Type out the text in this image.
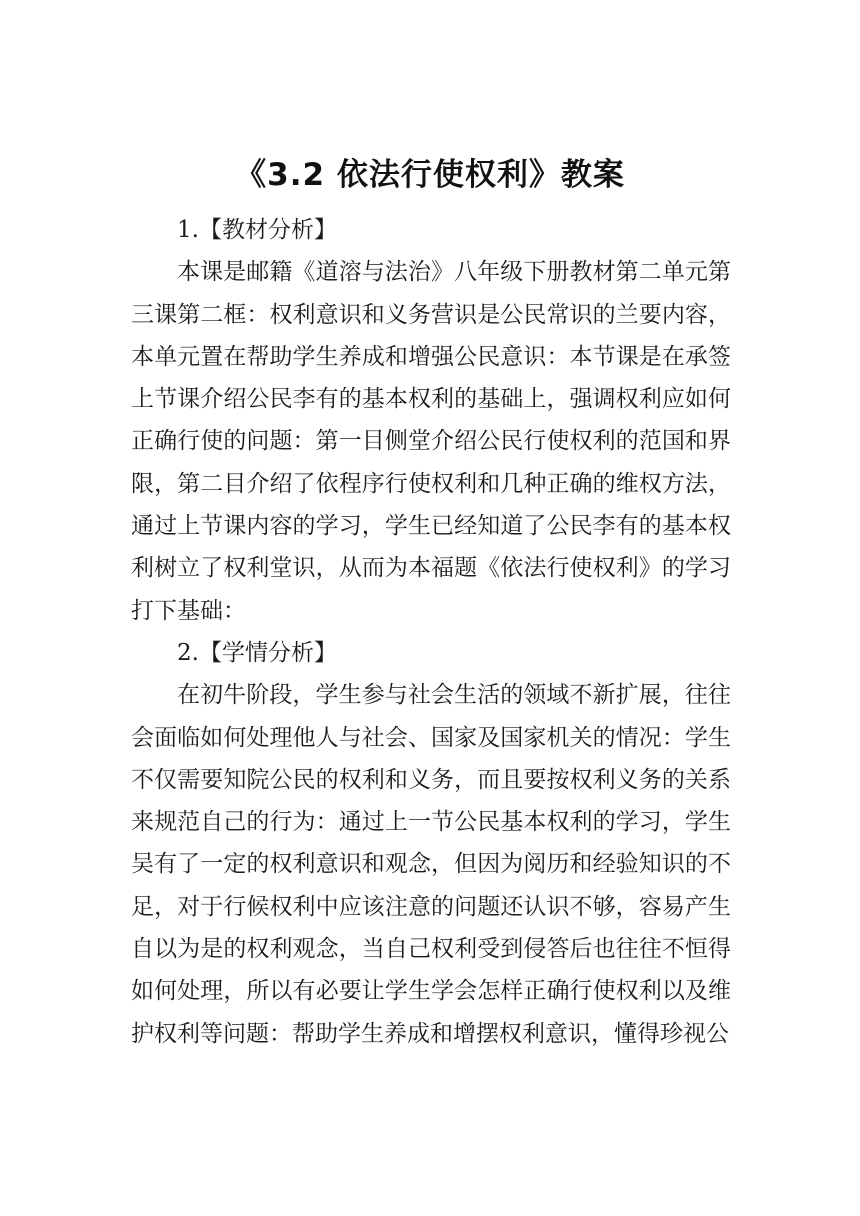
《3.2 依法行使权利》教案

1.【教材分析】

本课是邮籍《道溶与法治》八年级下册教材第二单元第三课第二框：权利意识和义务营识是公民常识的兰要内容，本单元置在帮助学生养成和增强公民意识：本节课是在承签上节课介绍公民李有的基本权利的基础上，强调权利应如何正确行使的问题：第一目侧堂介绍公民行使权利的范国和界限，第二目介绍了依程序行使权利和几种正确的维权方法，通过上节课内容的学习，学生已经知道了公民李有的基本权利树立了权利堂识，从而为本福题《依法行使权利》的学习打下基础：

2.【学情分析】

在初牛阶段，学生参与社会生活的领域不新扩展，往往会面临如何处理他人与社会、国家及国家机关的情况：学生不仅需要知院公民的权利和义务，而且要按权利义务的关系来规范自己的行为：通过上一节公民基本权利的学习，学生吴有了一定的权利意识和观念，但因为阅历和经验知识的不足，对于行候权利中应该注意的问题还认识不够，容易产生自以为是的权利观念，当自己权利受到侵答后也往往不恒得如何处理，所以有必要让学生学会怎样正确行使权利以及维护权利等问题：帮助学生养成和增摆权利意识，懂得珍视公
